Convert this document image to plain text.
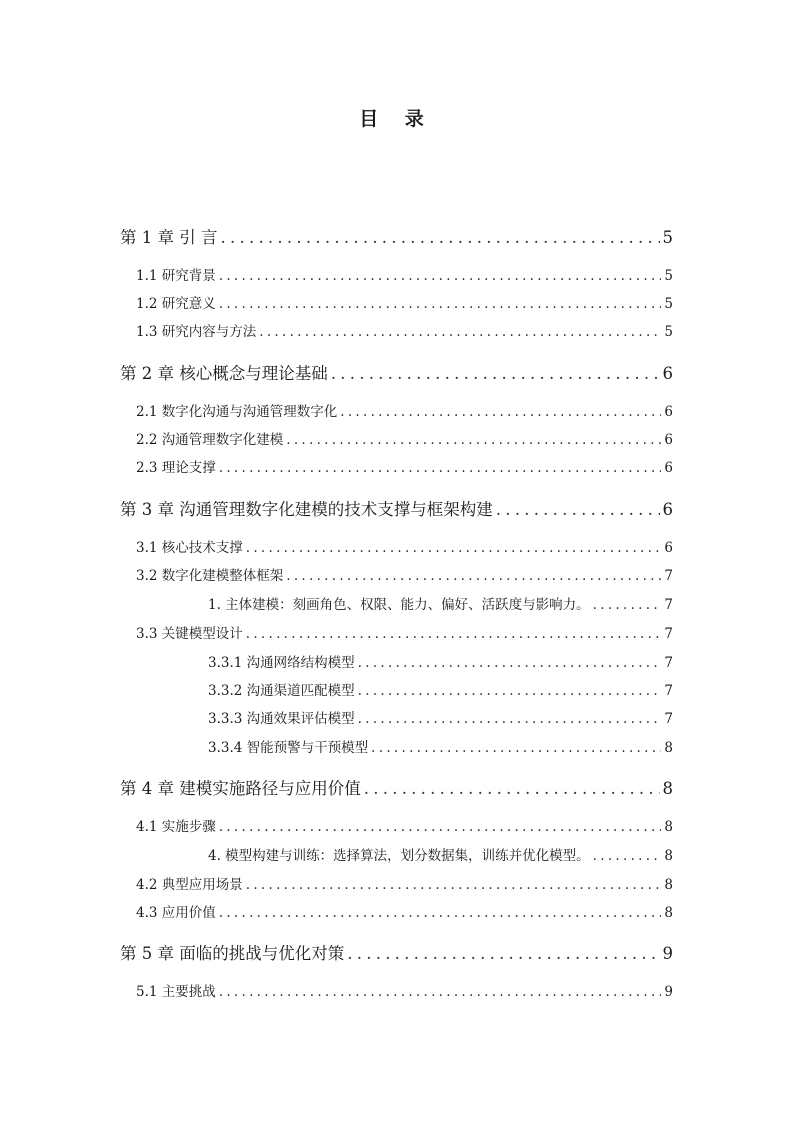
目 录
第 1 章 引 言 . . .	5
1.1 研究背景 . . .	5
1.2 研究意义 . . .	5
1.3 研究内容与方法 . . .	5
第 2 章 核心概念与理论基础 . . .	6
2.1 数字化沟通与沟通管理数字化 . . .	6
2.2 沟通管理数字化建模 . . .	6
2.3 理论支撑 . . .	6
第 3 章 沟通管理数字化建模的技术支撑与框架构建 . . .	6
3.1 核心技术支撑 . . .	6
3.2 数字化建模整体框架 . . .	7
1. 主体建模：刻画角色、权限、能力、偏好、活跃度与影响力。 . . .	7
3.3 关键模型设计 . . .	7
3.3.1 沟通网络结构模型 . . .	7
3.3.2 沟通渠道匹配模型 . . .	7
3.3.3 沟通效果评估模型 . . .	7
3.3.4 智能预警与干预模型 . . .	8
第 4 章 建模实施路径与应用价值 . . .	8
4.1 实施步骤 . . .	8
4. 模型构建与训练：选择算法，划分数据集，训练并优化模型。 . . .	8
4.2 典型应用场景 . . .	8
4.3 应用价值 . . .	8
第 5 章 面临的挑战与优化对策 . . .	9
5.1 主要挑战 . . .	9
